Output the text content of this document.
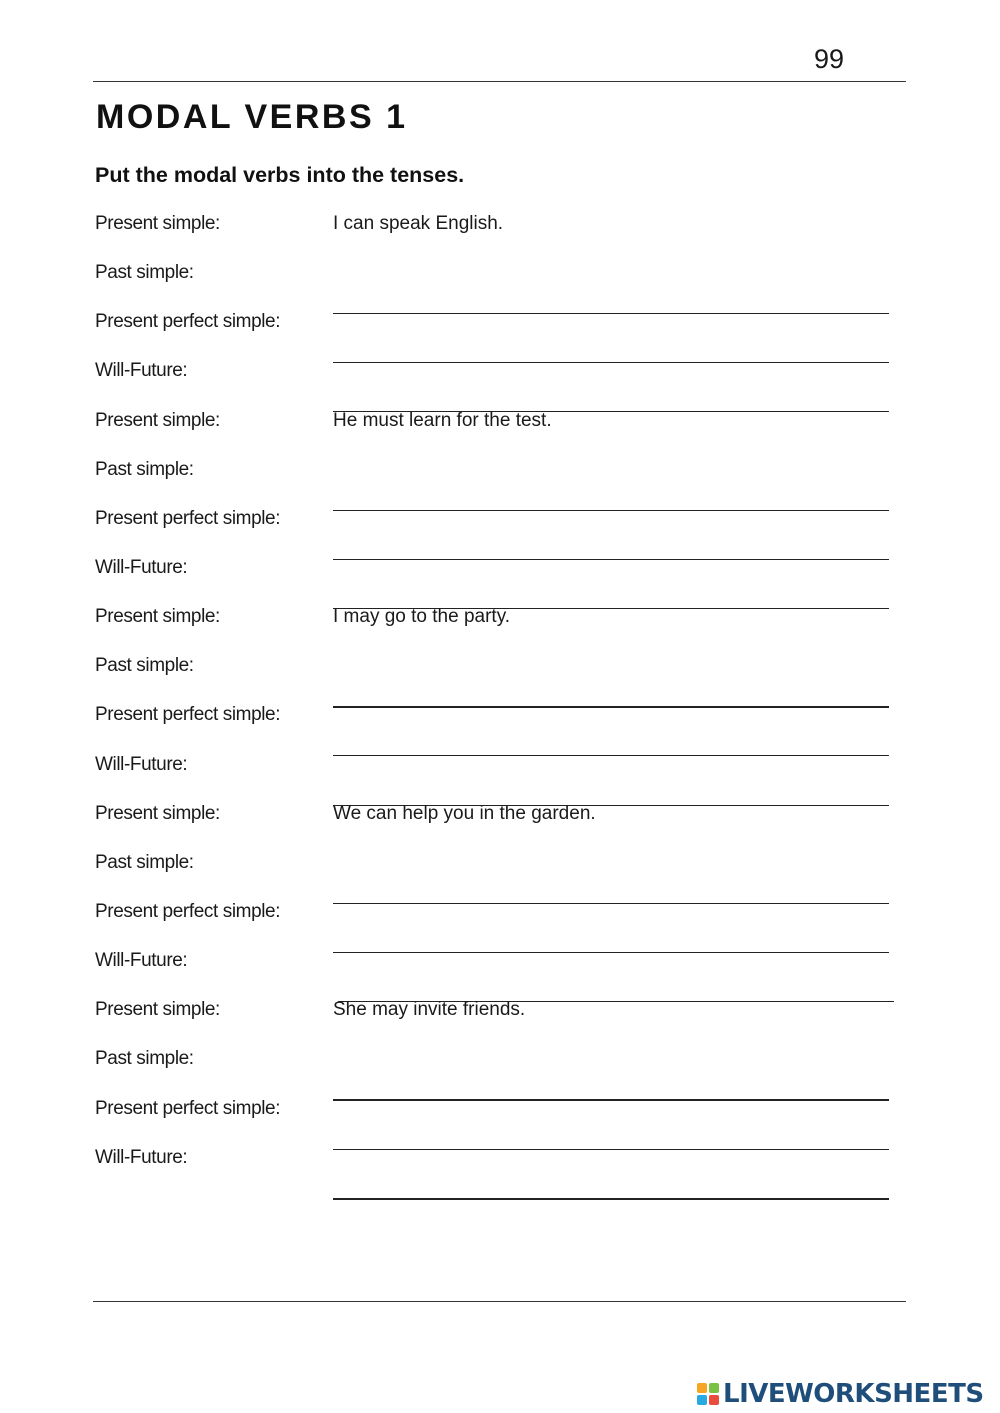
99
MODAL VERBS 1
Put the modal verbs into the tenses.
Present simple:	I can speak English.
Past simple:
Present perfect simple:
Will-Future:
Present simple:	He must learn for the test.
Past simple:
Present perfect simple:
Will-Future:
Present simple:	I may go to the party.
Past simple:
Present perfect simple:
Will-Future:
Present simple:	We can help you in the garden.
Past simple:
Present perfect simple:
Will-Future:
Present simple:	She may invite friends.
Past simple:
Present perfect simple:
Will-Future:
LIVEWORKSHEETS
